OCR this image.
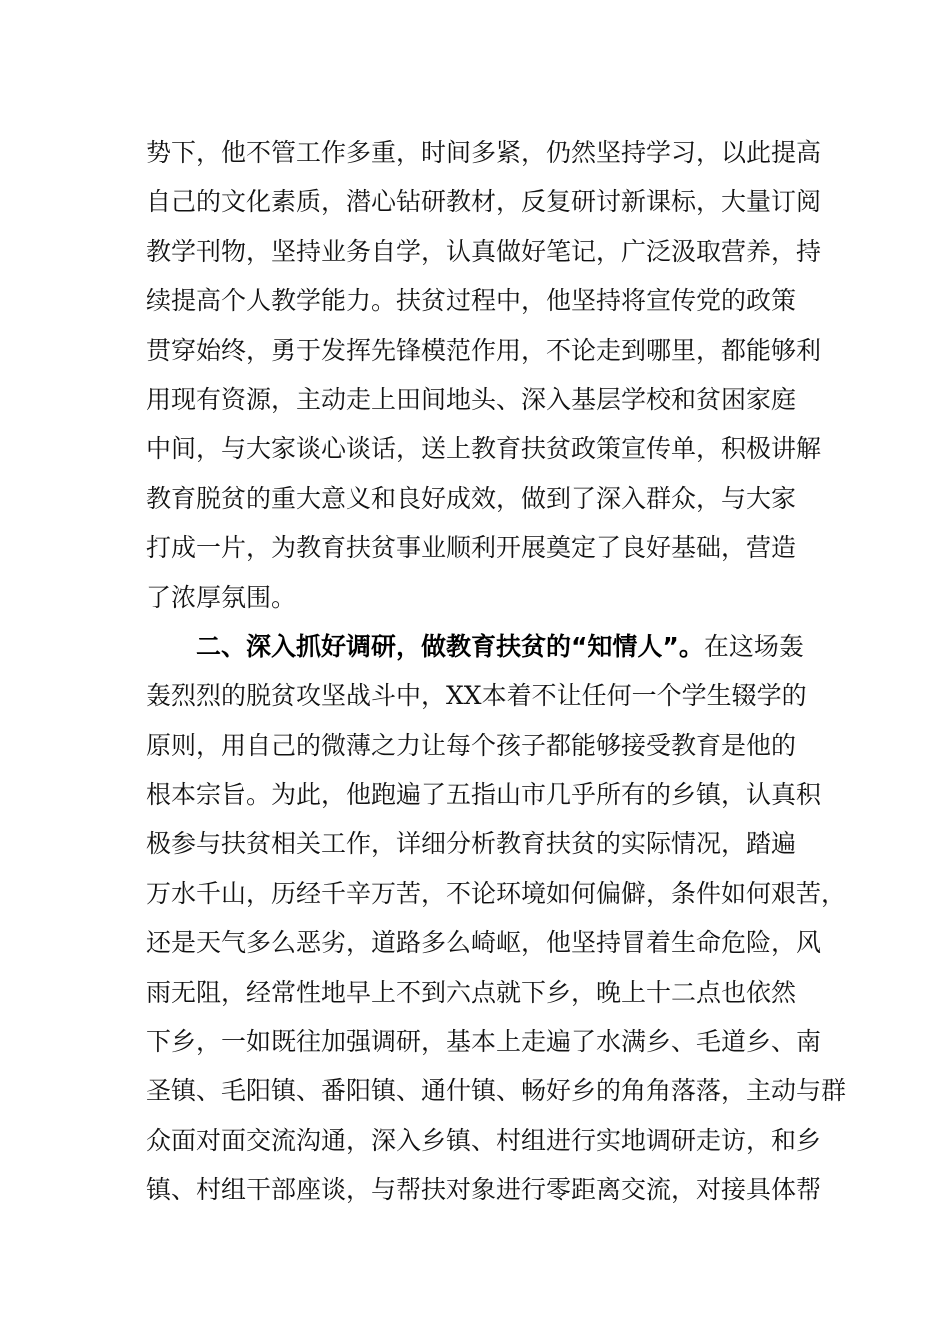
势下，他不管工作多重，时间多紧，仍然坚持学习，以此提高
自己的文化素质，潜心钻研教材，反复研讨新课标，大量订阅
教学刊物，坚持业务自学，认真做好笔记，广泛汲取营养，持
续提高个人教学能力。扶贫过程中，他坚持将宣传党的政策
贯穿始终，勇于发挥先锋模范作用，不论走到哪里，都能够利
用现有资源，主动走上田间地头、深入基层学校和贫困家庭
中间，与大家谈心谈话，送上教育扶贫政策宣传单，积极讲解
教育脱贫的重大意义和良好成效，做到了深入群众，与大家
打成一片，为教育扶贫事业顺利开展奠定了良好基础，营造
了浓厚氛围。
二、深入抓好调研，做教育扶贫的“知情人”。在这场轰
轰烈烈的脱贫攻坚战斗中，XX本着不让任何一个学生辍学的
原则，用自己的微薄之力让每个孩子都能够接受教育是他的
根本宗旨。为此，他跑遍了五指山市几乎所有的乡镇，认真积
极参与扶贫相关工作，详细分析教育扶贫的实际情况，踏遍
万水千山，历经千辛万苦，不论环境如何偏僻，条件如何艰苦，
还是天气多么恶劣，道路多么崎岖，他坚持冒着生命危险，风
雨无阻，经常性地早上不到六点就下乡，晚上十二点也依然
下乡，一如既往加强调研，基本上走遍了水满乡、毛道乡、南
圣镇、毛阳镇、番阳镇、通什镇、畅好乡的角角落落，主动与群
众面对面交流沟通，深入乡镇、村组进行实地调研走访，和乡
镇、村组干部座谈，与帮扶对象进行零距离交流，对接具体帮
